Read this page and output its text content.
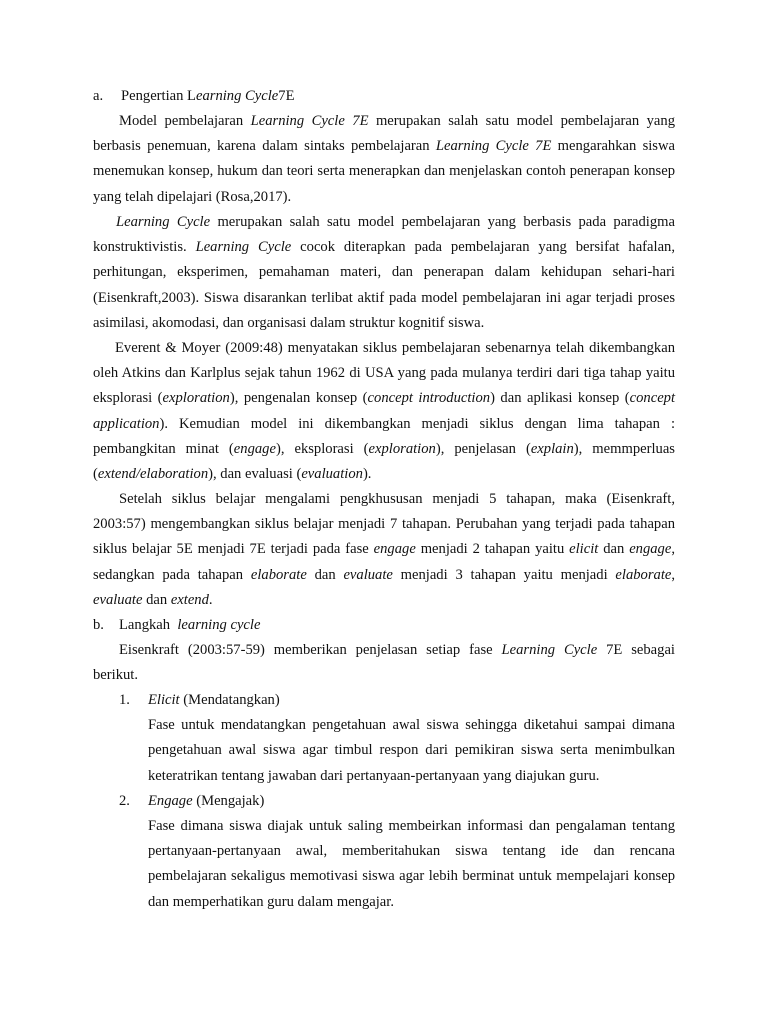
a.	Pengertian L earning Cycle 7E

Model pembelajaran Learning Cycle 7E merupakan salah satu model pembelajaran yang berbasis penemuan, karena dalam sintaks pembelajaran Learning Cycle 7E mengarahkan siswa menemukan konsep, hukum dan teori serta menerapkan dan menjelaskan contoh penerapan konsep yang telah dipelajari (Rosa,2017).

Learning Cycle merupakan salah satu model pembelajaran yang berbasis pada paradigma konstruktivistis. Learning Cycle cocok diterapkan pada pembelajaran yang bersifat hafalan, perhitungan, eksperimen, pemahaman materi, dan penerapan dalam kehidupan sehari-hari (Eisenkraft,2003). Siswa disarankan terlibat aktif pada model pembelajaran ini agar terjadi proses asimilasi, akomodasi, dan organisasi dalam struktur kognitif siswa.

Everent & Moyer (2009:48) menyatakan siklus pembelajaran sebenarnya telah dikembangkan oleh Atkins dan Karlplus sejak tahun 1962 di USA yang pada mulanya terdiri dari tiga tahap yaitu eksplorasi (exploration), pengenalan konsep (concept introduction) dan aplikasi konsep (concept application). Kemudian model ini dikembangkan menjadi siklus dengan lima tahapan : pembangkitan minat (engage), eksplorasi (exploration), penjelasan (explain), memmperluas (extend/elaboration), dan evaluasi (evaluation).

Setelah siklus belajar mengalami pengkhususan menjadi 5 tahapan, maka (Eisenkraft, 2003:57) mengembangkan siklus belajar menjadi 7 tahapan. Perubahan yang terjadi pada tahapan siklus belajar 5E menjadi 7E terjadi pada fase engage menjadi 2 tahapan yaitu elicit dan engage, sedangkan pada tahapan elaborate dan evaluate menjadi 3 tahapan yaitu menjadi elaborate, evaluate dan extend.

b.	Langkah learning cycle

Eisenkraft (2003:57-59) memberikan penjelasan setiap fase Learning Cycle 7E sebagai berikut.

1. Elicit (Mendatangkan)

Fase untuk mendatangkan pengetahuan awal siswa sehingga diketahui sampai dimana pengetahuan awal siswa agar timbul respon dari pemikiran siswa serta menimbulkan keteratrikan tentang jawaban dari pertanyaan-pertanyaan yang diajukan guru.

2. Engage (Mengajak)

Fase dimana siswa diajak untuk saling membeirkan informasi dan pengalaman tentang pertanyaan-pertanyaan awal, memberitahukan siswa tentang ide dan rencana pembelajaran sekaligus memotivasi siswa agar lebih berminat untuk mempelajari konsep dan memperhatikan guru dalam mengajar.
